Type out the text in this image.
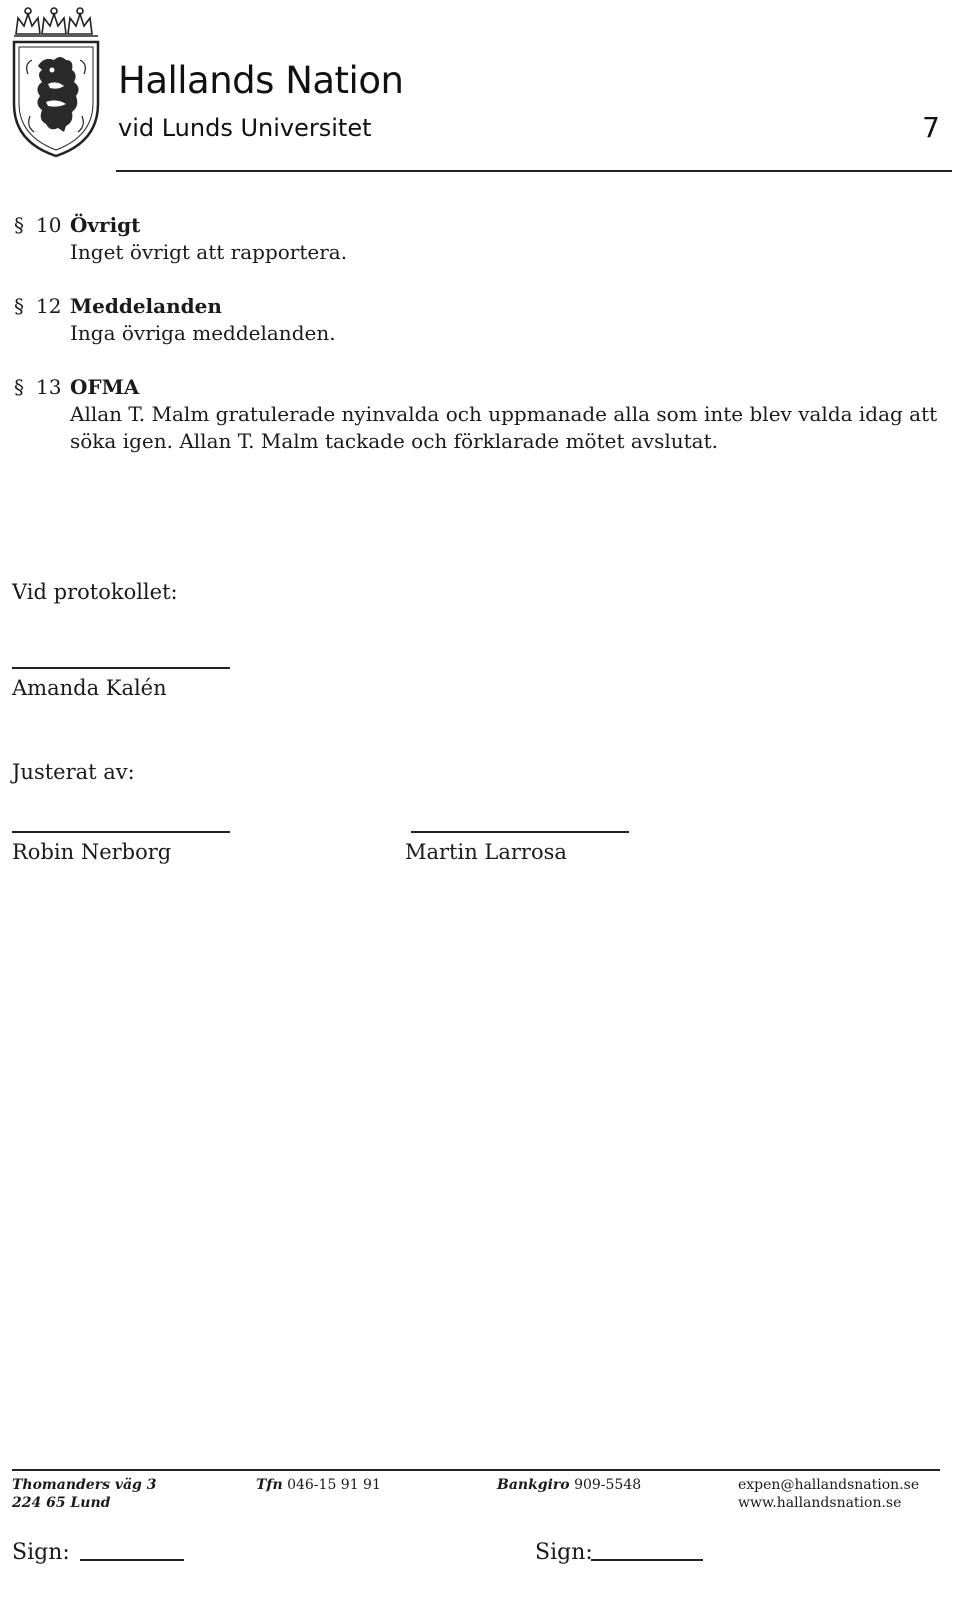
Hallands Nation
vid Lunds Universitet	7
§ 10 Övrigt
Inget övrigt att rapportera.
§ 12 Meddelanden
Inga övriga meddelanden.
§ 13 OFMA
Allan T. Malm gratulerade nyinvalda och uppmanade alla som inte blev valda idag att söka igen. Allan T. Malm tackade och förklarade mötet avslutat.
Vid protokollet:
Amanda Kalén
Justerat av:
Robin Nerborg	Martin Larrosa
Thomanders väg 3
224 65 Lund
Tfn 046-15 91 91	Bankgiro 909-5548	expen@hallandsnation.se
www.hallandsnation.se
Sign:	Sign:
